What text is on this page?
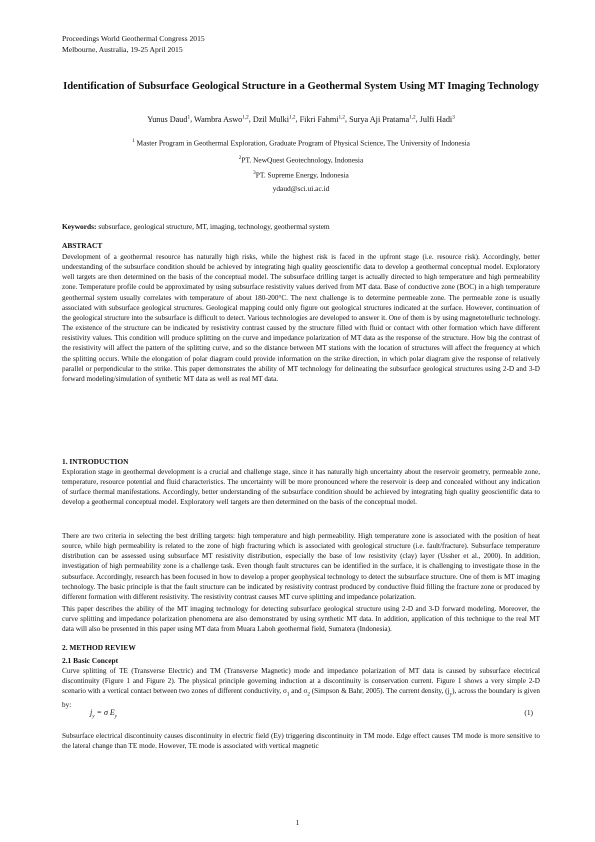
Proceedings World Geothermal Congress 2015
Melbourne, Australia, 19-25 April 2015
Identification of Subsurface Geological Structure in a Geothermal System Using MT Imaging Technology
Yunus Daud$^1$, Wambra Aswo$^{1,2}$, Dzil Mulki$^{1,2}$, Fikri Fahmi$^{1,2}$, Surya Aji Pratama$^{1,2}$, Julfi Hadi$^3$
$^1$ Master Program in Geothermal Exploration, Graduate Program of Physical Science, The University of Indonesia
$^2$PT. NewQuest Geotechnology, Indonesia
$^3$PT. Supreme Energy, Indonesia
ydaud@sci.ui.ac.id
Keywords: subsurface, geological structure, MT, imaging, technology, geothermal system
ABSTRACT
Development of a geothermal resource has naturally high risks, while the highest risk is faced in the upfront stage (i.e. resource risk). Accordingly, better understanding of the subsurface condition should be achieved by integrating high quality geoscientific data to develop a geothermal conceptual model. Exploratory well targets are then determined on the basis of the conceptual model. The subsurface drilling target is actually directed to high temperature and high permeability zone. Temperature profile could be approximated by using subsurface resistivity values derived from MT data. Base of conductive zone (BOC) in a high temperature geothermal system usually correlates with temperature of about 180-200°C. The next challenge is to determine permeable zone. The permeable zone is usually associated with subsurface geological structures. Geological mapping could only figure out geological structures indicated at the surface. However, continuation of the geological structure into the subsurface is difficult to detect. Various technologies are developed to answer it. One of them is by using magnetotelluric technology. The existence of the structure can be indicated by resistivity contrast caused by the structure filled with fluid or contact with other formation which have different resistivity values. This condition will produce splitting on the curve and impedance polarization of MT data as the response of the structure. How big the contrast of the resistivity will affect the pattern of the splitting curve, and so the distance between MT stations with the location of structures will affect the frequency at which the splitting occurs. While the elongation of polar diagram could provide information on the strike direction, in which polar diagram give the response of relatively parallel or perpendicular to the strike. This paper demonstrates the ability of MT technology for delineating the subsurface geological structures using 2-D and 3-D forward modeling/simulation of synthetic MT data as well as real MT data.
1. INTRODUCTION
Exploration stage in geothermal development is a crucial and challenge stage, since it has naturally high uncertainty about the reservoir geometry, permeable zone, temperature, resource potential and fluid characteristics. The uncertainty will be more pronounced where the reservoir is deep and concealed without any indication of surface thermal manifestations. Accordingly, better understanding of the subsurface condition should be achieved by integrating high quality geoscientific data to develop a geothermal conceptual model. Exploratory well targets are then determined on the basis of the conceptual model.
There are two criteria in selecting the best drilling targets: high temperature and high permeability. High temperature zone is associated with the position of heat source, while high permeability is related to the zone of high fracturing which is associated with geological structure (i.e. fault/fracture). Subsurface temperature distribution can be assessed using subsurface MT resistivity distribution, especially the base of low resistivity (clay) layer (Ussher et al., 2000). In addition, investigation of high permeability zone is a challenge task. Even though fault structures can be identified in the surface, it is challenging to investigate those in the subsurface. Accordingly, research has been focused in how to develop a proper geophysical technology to detect the subsurface structure. One of them is MT imaging technology. The basic principle is that the fault structure can be indicated by resistivity contrast produced by conductive fluid filling the fracture zone or produced by different formation with different resistivity. The resistivity contrast causes MT curve splitting and impedance polarization.
This paper describes the ability of the MT imaging technology for detecting subsurface geological structure using 2-D and 3-D forward modeling. Moreover, the curve splitting and impedance polarization phenomena are also demonstrated by using synthetic MT data. In addition, application of this technique to the real MT data will also be presented in this paper using MT data from Muara Laboh geothermal field, Sumatera (Indonesia).
2. METHOD REVIEW
2.1 Basic Concept
Curve splitting of TE (Transverse Electric) and TM (Transverse Magnetic) mode and impedance polarization of MT data is caused by subsurface electrical discontinuity (Figure 1 and Figure 2). The physical principle governing induction at a discontinuity is conservation current. Figure 1 shows a very simple 2-D scenario with a vertical contact between two zones of different conductivity, $\sigma_1$ and $\sigma_2$ (Simpson & Bahr, 2005). The current density, $(j_y)$, across the boundary is given by:
$j_y = \sigma$ $E_y$	(1)
Subsurface electrical discontinuity causes discontinuity in electric field (Ey) triggering discontinuity in TM mode. Edge effect causes TM mode is more sensitive to the lateral change than TE mode. However, TE mode is associated with vertical magnetic
1
